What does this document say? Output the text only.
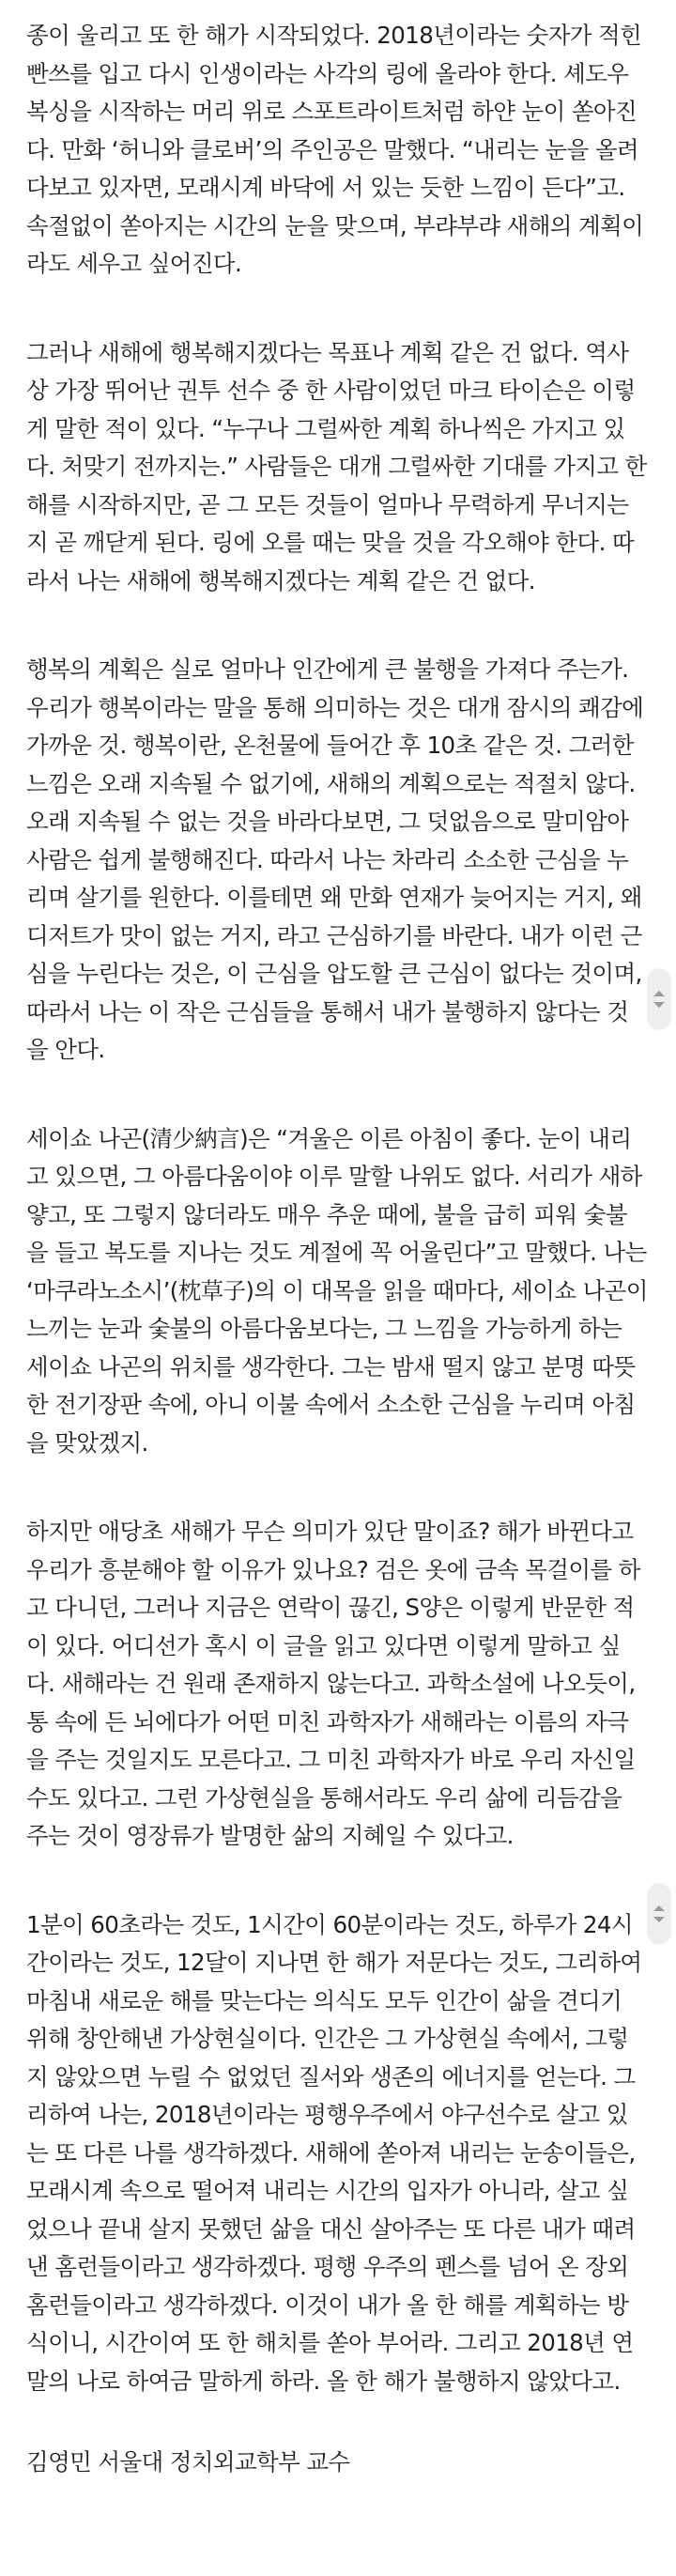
종이 울리고 또 한 해가 시작되었다. 2018년이라는 숫자가 적힌 빤쓰를 입고 다시 인생이라는 사각의 링에 올라야 한다. 셰도우 복싱을 시작하는 머리 위로 스포트라이트처럼 하얀 눈이 쏟아진다. 만화 ‘허니와 클로버’의 주인공은 말했다. “내리는 눈을 올려다보고 있자면, 모래시계 바닥에 서 있는 듯한 느낌이 든다”고. 속절없이 쏟아지는 시간의 눈을 맞으며, 부랴부랴 새해의 계획이라도 세우고 싶어진다.

그러나 새해에 행복해지겠다는 목표나 계획 같은 건 없다. 역사상 가장 뛰어난 권투 선수 중 한 사람이었던 마크 타이슨은 이렇게 말한 적이 있다. “누구나 그럴싸한 계획 하나씩은 가지고 있다. 처맞기 전까지는.” 사람들은 대개 그럴싸한 기대를 가지고 한 해를 시작하지만, 곧 그 모든 것들이 얼마나 무력하게 무너지는지 곧 깨닫게 된다. 링에 오를 때는 맞을 것을 각오해야 한다. 따라서 나는 새해에 행복해지겠다는 계획 같은 건 없다.

행복의 계획은 실로 얼마나 인간에게 큰 불행을 가져다 주는가. 우리가 행복이라는 말을 통해 의미하는 것은 대개 잠시의 쾌감에 가까운 것. 행복이란, 온천물에 들어간 후 10초 같은 것. 그러한 느낌은 오래 지속될 수 없기에, 새해의 계획으로는 적절치 않다. 오래 지속될 수 없는 것을 바라다보면, 그 덧없음으로 말미암아 사람은 쉽게 불행해진다. 따라서 나는 차라리 소소한 근심을 누리며 살기를 원한다. 이를테면 왜 만화 연재가 늦어지는 거지, 왜 디저트가 맛이 없는 거지, 라고 근심하기를 바란다. 내가 이런 근심을 누린다는 것은, 이 근심을 압도할 큰 근심이 없다는 것이며, 따라서 나는 이 작은 근심들을 통해서 내가 불행하지 않다는 것을 안다.

세이쇼 나곤(清少納言)은 “겨울은 이른 아침이 좋다. 눈이 내리고 있으면, 그 아름다움이야 이루 말할 나위도 없다. 서리가 새하얗고, 또 그렇지 않더라도 매우 추운 때에, 불을 급히 피워 숯불을 들고 복도를 지나는 것도 계절에 꼭 어울린다”고 말했다. 나는 ‘마쿠라노소시’(枕草子)의 이 대목을 읽을 때마다, 세이쇼 나곤이 느끼는 눈과 숯불의 아름다움보다는, 그 느낌을 가능하게 하는 세이쇼 나곤의 위치를 생각한다. 그는 밤새 떨지 않고 분명 따뜻한 전기장판 속에, 아니 이불 속에서 소소한 근심을 누리며 아침을 맞았겠지.

하지만 애당초 새해가 무슨 의미가 있단 말이죠? 해가 바뀐다고 우리가 흥분해야 할 이유가 있나요? 검은 옷에 금속 목걸이를 하고 다니던, 그러나 지금은 연락이 끊긴, S양은 이렇게 반문한 적이 있다. 어디선가 혹시 이 글을 읽고 있다면 이렇게 말하고 싶다. 새해라는 건 원래 존재하지 않는다고. 과학소설에 나오듯이, 통 속에 든 뇌에다가 어떤 미친 과학자가 새해라는 이름의 자극을 주는 것일지도 모른다고. 그 미친 과학자가 바로 우리 자신일 수도 있다고. 그런 가상현실을 통해서라도 우리 삶에 리듬감을 주는 것이 영장류가 발명한 삶의 지혜일 수 있다고.

1분이 60초라는 것도, 1시간이 60분이라는 것도, 하루가 24시간이라는 것도, 12달이 지나면 한 해가 저문다는 것도, 그리하여 마침내 새로운 해를 맞는다는 의식도 모두 인간이 삶을 견디기 위해 창안해낸 가상현실이다. 인간은 그 가상현실 속에서, 그렇지 않았으면 누릴 수 없었던 질서와 생존의 에너지를 얻는다. 그리하여 나는, 2018년이라는 평행우주에서 야구선수로 살고 있는 또 다른 나를 생각하겠다. 새해에 쏟아져 내리는 눈송이들은, 모래시계 속으로 떨어져 내리는 시간의 입자가 아니라, 살고 싶었으나 끝내 살지 못했던 삶을 대신 살아주는 또 다른 내가 때려 낸 홈런들이라고 생각하겠다. 평행 우주의 펜스를 넘어 온 장외 홈런들이라고 생각하겠다. 이것이 내가 올 한 해를 계획하는 방식이니, 시간이여 또 한 해치를 쏟아 부어라. 그리고 2018년 연말의 나로 하여금 말하게 하라. 올 한 해가 불행하지 않았다고.

김영민 서울대 정치외교학부 교수
